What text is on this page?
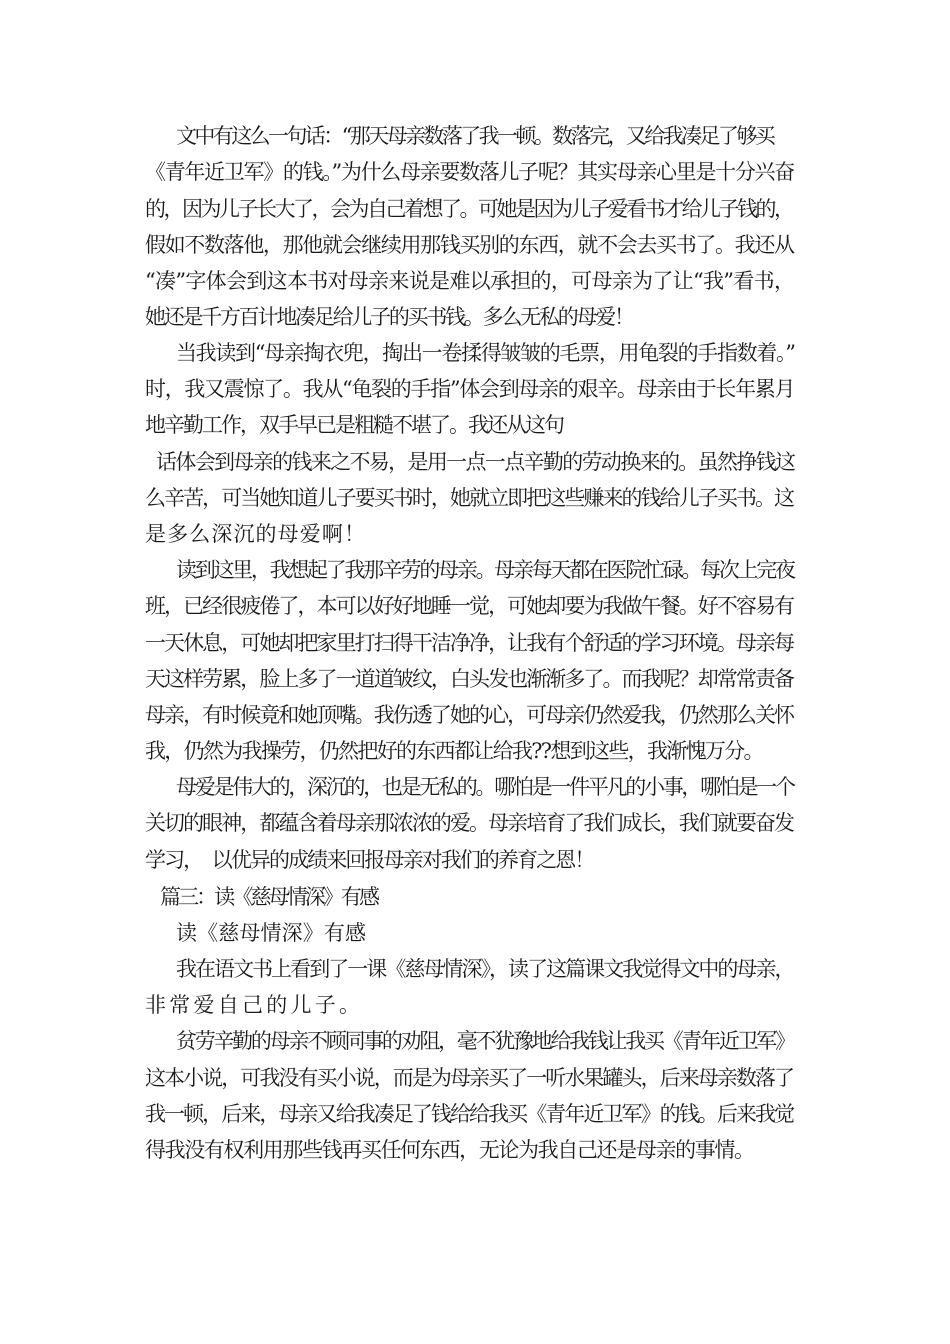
文中有这么一句话：“那天母亲数落了我一顿。数落完，又给我凑足了够买
《青年近卫军》的钱。”为什么母亲要数落儿子呢？其实母亲心里是十分兴奋
的，因为儿子长大了，会为自己着想了。可她是因为儿子爱看书才给儿子钱的，
假如不数落他，那他就会继续用那钱买别的东西，就不会去买书了。我还从
“凑”字体会到这本书对母亲来说是难以承担的，可母亲为了让“我”看书，
她还是千方百计地凑足给儿子的买书钱。多么无私的母爱！
当我读到“母亲掏衣兜，掏出一卷揉得皱皱的毛票，用龟裂的手指数着。”
时，我又震惊了。我从“龟裂的手指”体会到母亲的艰辛。母亲由于长年累月
地辛勤工作，双手早已是粗糙不堪了。我还从这句
话体会到母亲的钱来之不易，是用一点一点辛勤的劳动换来的。虽然挣钱这
么辛苦，可当她知道儿子要买书时，她就立即把这些赚来的钱给儿子买书。这
是多么深沉的母爱啊！
读到这里，我想起了我那辛劳的母亲。母亲每天都在医院忙碌。每次上完夜
班，已经很疲倦了，本可以好好地睡一觉，可她却要为我做午餐。好不容易有
一天休息，可她却把家里打扫得干洁净净，让我有个舒适的学习环境。母亲每
天这样劳累，脸上多了一道道皱纹，白头发也渐渐多了。而我呢？却常常责备
母亲，有时候竟和她顶嘴。我伤透了她的心，可母亲仍然爱我，仍然那么关怀
我，仍然为我操劳，仍然把好的东西都让给我??想到这些，我渐愧万分。
母爱是伟大的，深沉的，也是无私的。哪怕是一件平凡的小事，哪怕是一个
关切的眼神，都蕴含着母亲那浓浓的爱。母亲培育了我们成长，我们就要奋发
学习，  以优异的成绩来回报母亲对我们的养育之恩！
篇三：读《慈母情深》有感
读《慈母情深》有感
我在语文书上看到了一课《慈母情深》，读了这篇课文我觉得文中的母亲，
非常爱自己的儿子。
贫劳辛勤的母亲不顾同事的劝阻，毫不犹豫地给我钱让我买《青年近卫军》
这本小说，可我没有买小说，而是为母亲买了一听水果罐头，后来母亲数落了
我一顿，后来，母亲又给我凑足了钱给给我买《青年近卫军》的钱。后来我觉
得我没有权利用那些钱再买任何东西，无论为我自己还是母亲的事情。
